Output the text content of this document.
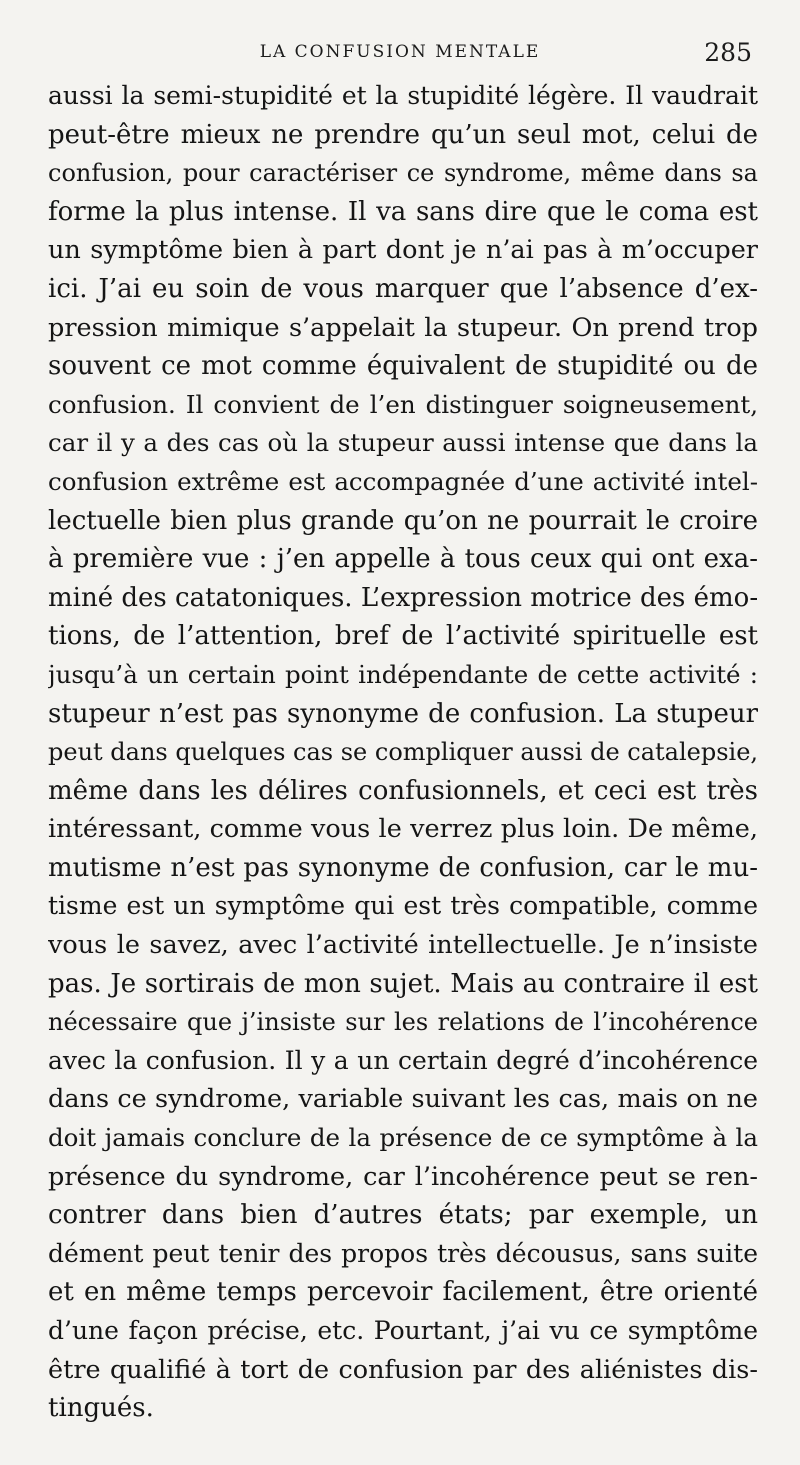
LA CONFUSION MENTALE	285
aussi la semi-stupidité et la stupidité légère. Il vaudrait
peut-être mieux ne prendre qu’un seul mot, celui de
confusion, pour caractériser ce syndrome, même dans sa
forme la plus intense. Il va sans dire que le coma est
un symptôme bien à part dont je n’ai pas à m’occuper
ici. J’ai eu soin de vous marquer que l’absence d’ex-
pression mimique s’appelait la stupeur. On prend trop
souvent ce mot comme équivalent de stupidité ou de
confusion. Il convient de l’en distinguer soigneusement,
car il y a des cas où la stupeur aussi intense que dans la
confusion extrême est accompagnée d’une activité intel-
lectuelle bien plus grande qu’on ne pourrait le croire
à première vue : j’en appelle à tous ceux qui ont exa-
miné des catatoniques. L’expression motrice des émo-
tions, de l’attention, bref de l’activité spirituelle est
jusqu’à un certain point indépendante de cette activité :
stupeur n’est pas synonyme de confusion. La stupeur
peut dans quelques cas se compliquer aussi de catalepsie,
même dans les délires confusionnels, et ceci est très
intéressant, comme vous le verrez plus loin. De même,
mutisme n’est pas synonyme de confusion, car le mu-
tisme est un symptôme qui est très compatible, comme
vous le savez, avec l’activité intellectuelle. Je n’insiste
pas. Je sortirais de mon sujet. Mais au contraire il est
nécessaire que j’insiste sur les relations de l’incohérence
avec la confusion. Il y a un certain degré d’incohérence
dans ce syndrome, variable suivant les cas, mais on ne
doit jamais conclure de la présence de ce symptôme à la
présence du syndrome, car l’incohérence peut se ren-
contrer dans bien d’autres états; par exemple, un
dément peut tenir des propos très décousus, sans suite
et en même temps percevoir facilement, être orienté
d’une façon précise, etc. Pourtant, j’ai vu ce symptôme
être qualifié à tort de confusion par des aliénistes dis-
tingués.
